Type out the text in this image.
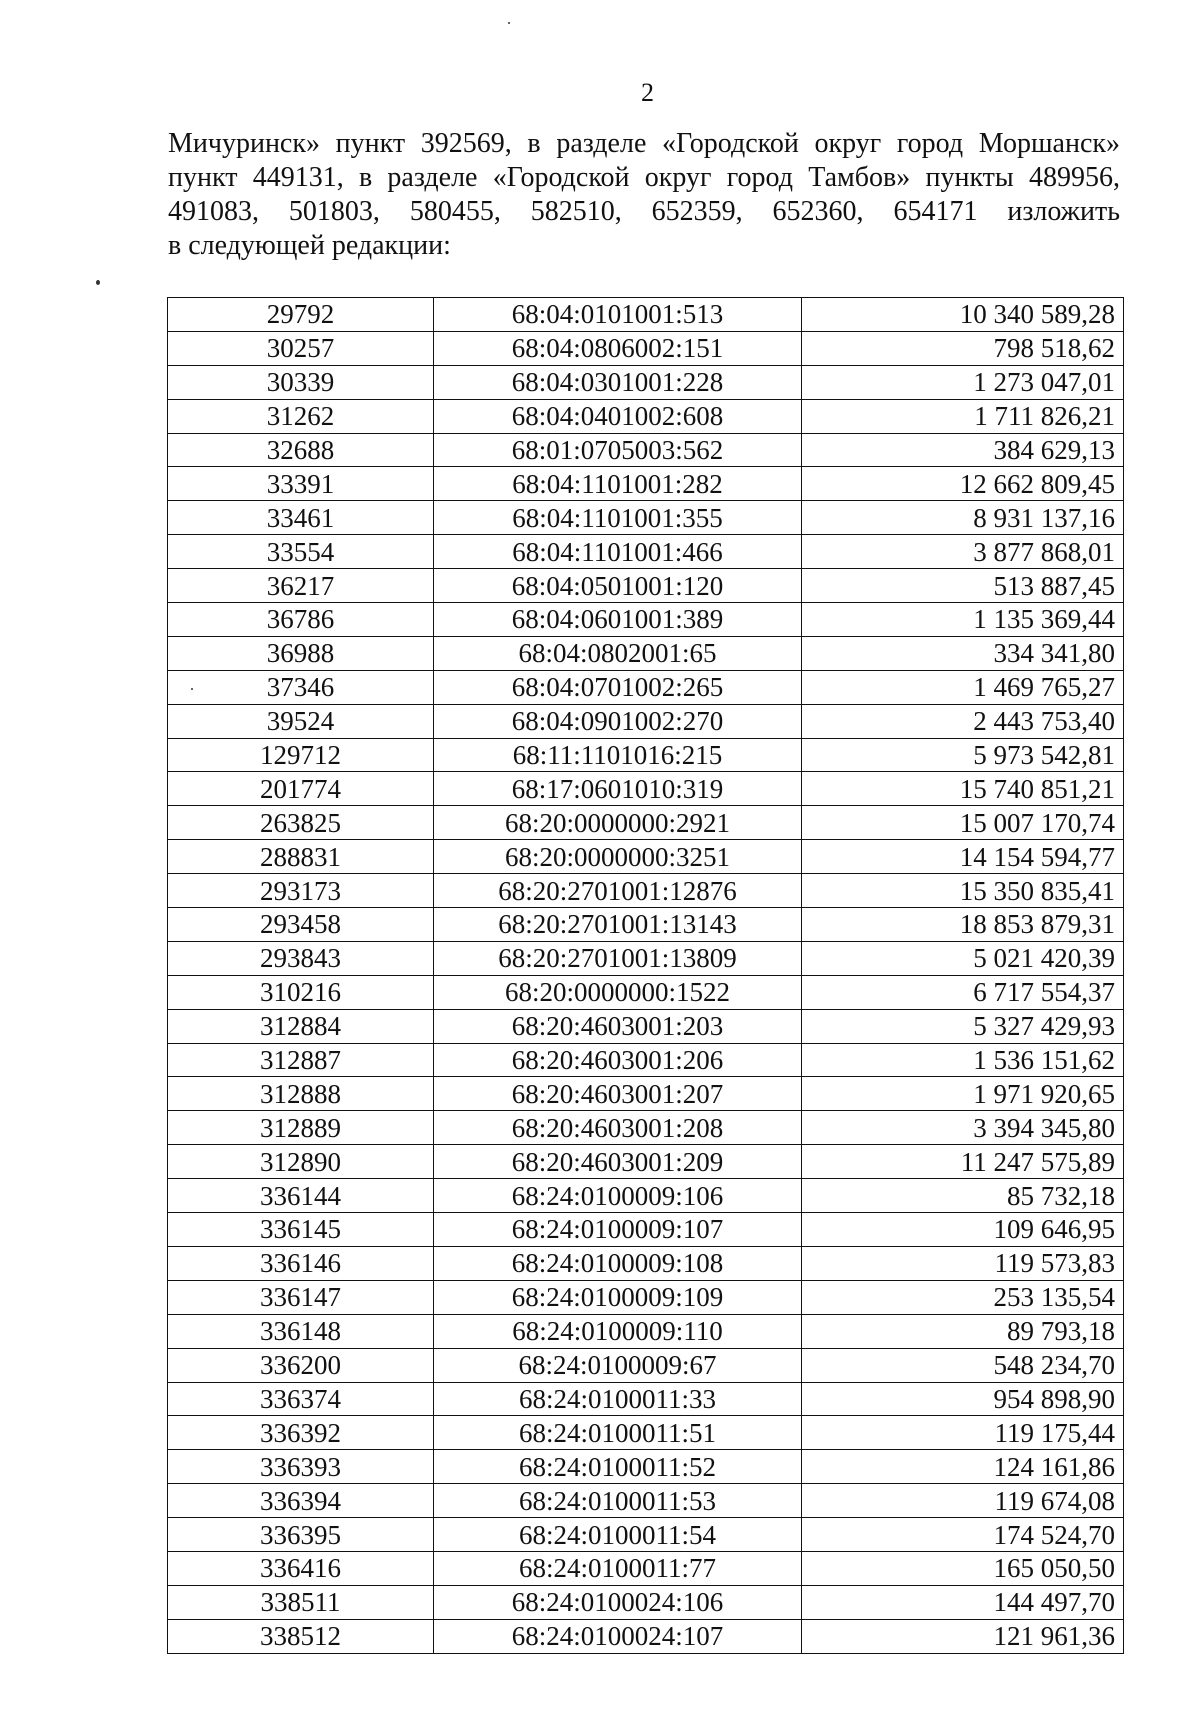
2
Мичуринск» пункт 392569, в разделе «Городской округ город Моршанск»
пункт 449131, в разделе «Городской округ город Тамбов» пункты 489956,
491083, 501803, 580455, 582510, 652359, 652360, 654171 изложить
в следующей редакции:
29792	68:04:0101001:513	10 340 589,28
30257	68:04:0806002:151	798 518,62
30339	68:04:0301001:228	1 273 047,01
31262	68:04:0401002:608	1 711 826,21
32688	68:01:0705003:562	384 629,13
33391	68:04:1101001:282	12 662 809,45
33461	68:04:1101001:355	8 931 137,16
33554	68:04:1101001:466	3 877 868,01
36217	68:04:0501001:120	513 887,45
36786	68:04:0601001:389	1 135 369,44
36988	68:04:0802001:65	334 341,80
37346	68:04:0701002:265	1 469 765,27
39524	68:04:0901002:270	2 443 753,40
129712	68:11:1101016:215	5 973 542,81
201774	68:17:0601010:319	15 740 851,21
263825	68:20:0000000:2921	15 007 170,74
288831	68:20:0000000:3251	14 154 594,77
293173	68:20:2701001:12876	15 350 835,41
293458	68:20:2701001:13143	18 853 879,31
293843	68:20:2701001:13809	5 021 420,39
310216	68:20:0000000:1522	6 717 554,37
312884	68:20:4603001:203	5 327 429,93
312887	68:20:4603001:206	1 536 151,62
312888	68:20:4603001:207	1 971 920,65
312889	68:20:4603001:208	3 394 345,80
312890	68:20:4603001:209	11 247 575,89
336144	68:24:0100009:106	85 732,18
336145	68:24:0100009:107	109 646,95
336146	68:24:0100009:108	119 573,83
336147	68:24:0100009:109	253 135,54
336148	68:24:0100009:110	89 793,18
336200	68:24:0100009:67	548 234,70
336374	68:24:0100011:33	954 898,90
336392	68:24:0100011:51	119 175,44
336393	68:24:0100011:52	124 161,86
336394	68:24:0100011:53	119 674,08
336395	68:24:0100011:54	174 524,70
336416	68:24:0100011:77	165 050,50
338511	68:24:0100024:106	144 497,70
338512	68:24:0100024:107	121 961,36
